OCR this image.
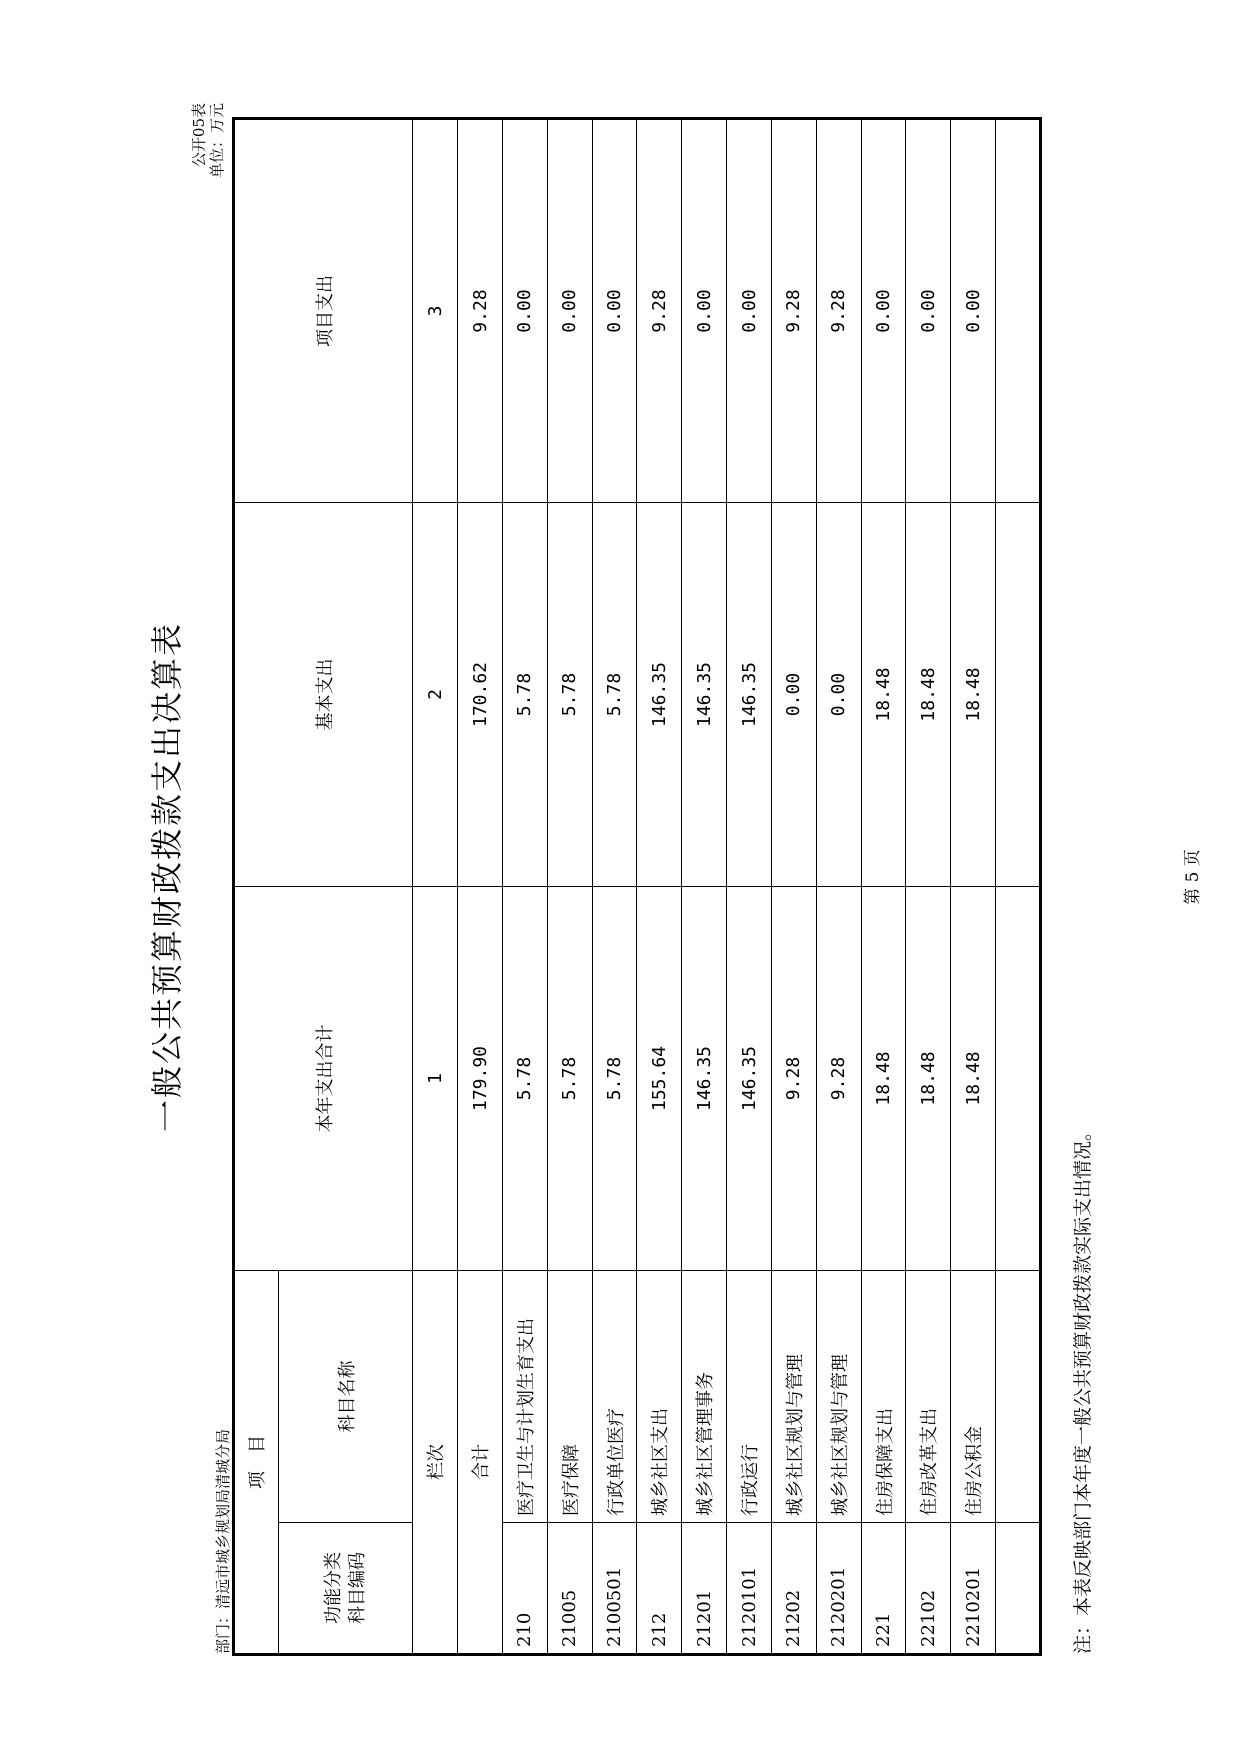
一般公共预算财政拨款支出决算表
公开05表 单位：万元
部门：清远市城乡规划局清城分局 项　目		本年支出合计	基本支出	项目支出
功能分类 科目编码	科目名称			
栏次		1	2	3
合计		179.90	170.62	9.28
210	医疗卫生与计划生育支出	5.78	5.78	0.00
21005	医疗保障	5.78	5.78	0.00
2100501	行政单位医疗	5.78	5.78	0.00
212	城乡社区支出	155.64	146.35	9.28
21201	城乡社区管理事务	146.35	146.35	0.00
2120101	行政运行	146.35	146.35	0.00
21202	城乡社区规划与管理	9.28	0.00	9.28
2120201	城乡社区规划与管理	9.28	0.00	9.28
221	住房保障支出	18.48	18.48	0.00
22102	住房改革支出	18.48	18.48	0.00
2210201	住房公积金	18.48	18.48	0.00

注：本表反映部门本年度一般公共预算财政拨款实际支出情况。
第 5 页
